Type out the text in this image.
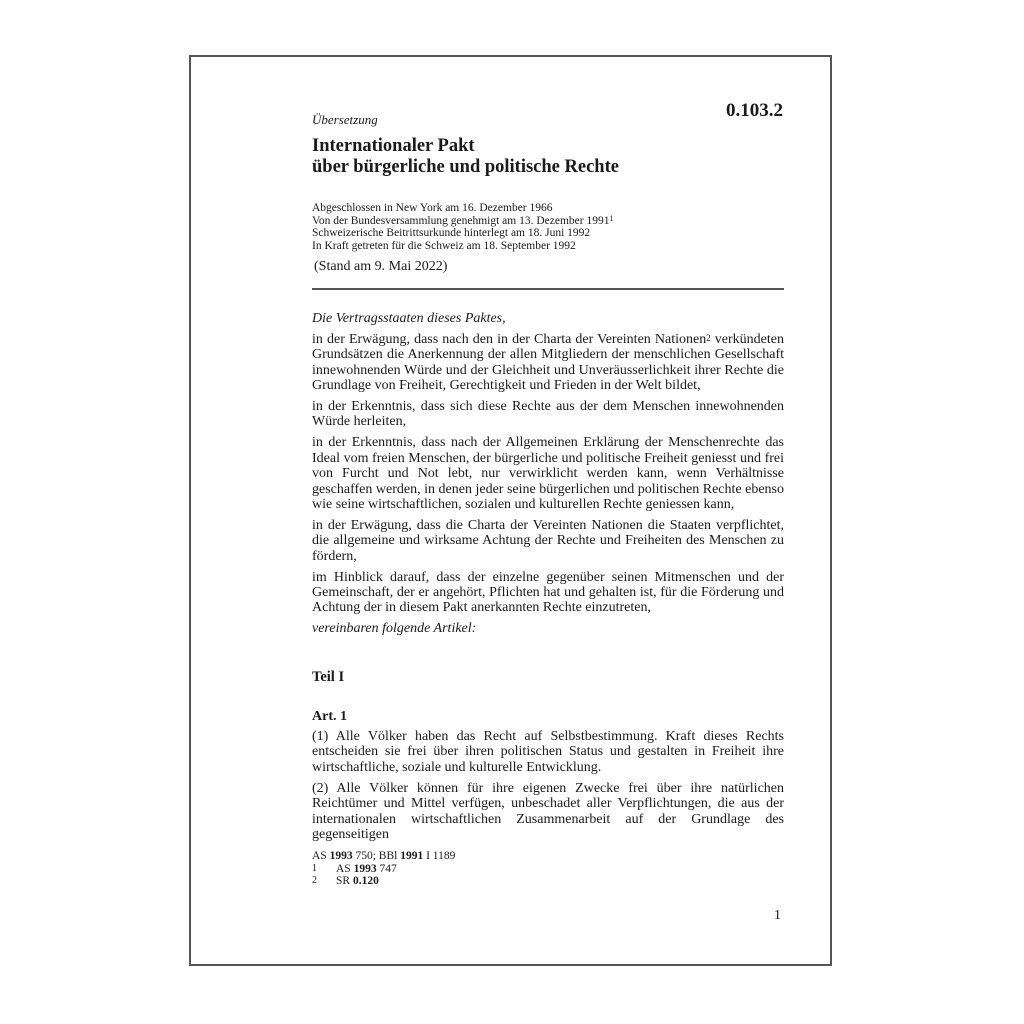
0.103.2
Übersetzung
Internationaler Pakt
über bürgerliche und politische Rechte
Abgeschlossen in New York am 16. Dezember 1966
Von der Bundesversammlung genehmigt am 13. Dezember 1991$^1$
Schweizerische Beitrittsurkunde hinterlegt am 18. Juni 1992
In Kraft getreten für die Schweiz am 18. September 1992
(Stand am 9. Mai 2022)

Die Vertragsstaaten dieses Paktes,

in der Erwägung, dass nach den in der Charta der Vereinten Nationen$^2$ verkündeten Grundsätzen die Anerkennung der allen Mitgliedern der menschlichen Gesellschaft innewohnenden Würde und der Gleichheit und Unveräusserlichkeit ihrer Rechte die Grundlage von Freiheit, Gerechtigkeit und Frieden in der Welt bildet,

in der Erkenntnis, dass sich diese Rechte aus der dem Menschen innewohnenden Würde herleiten,

in der Erkenntnis, dass nach der Allgemeinen Erklärung der Menschenrechte das Ideal vom freien Menschen, der bürgerliche und politische Freiheit geniesst und frei von Furcht und Not lebt, nur verwirklicht werden kann, wenn Verhältnisse geschaffen werden, in denen jeder seine bürgerlichen und politischen Rechte ebenso wie seine wirtschaftlichen, sozialen und kulturellen Rechte geniessen kann,

in der Erwägung, dass die Charta der Vereinten Nationen die Staaten verpflichtet, die allgemeine und wirksame Achtung der Rechte und Freiheiten des Menschen zu fördern,

im Hinblick darauf, dass der einzelne gegenüber seinen Mitmenschen und der Gemeinschaft, der er angehört, Pflichten hat und gehalten ist, für die Förderung und Achtung der in diesem Pakt anerkannten Rechte einzutreten,

vereinbaren folgende Artikel:

Teil I
Art. 1

(1) Alle Völker haben das Recht auf Selbstbestimmung. Kraft dieses Rechts entscheiden sie frei über ihren politischen Status und gestalten in Freiheit ihre wirtschaftliche, soziale und kulturelle Entwicklung.

(2) Alle Völker können für ihre eigenen Zwecke frei über ihre natürlichen Reichtümer und Mittel verfügen, unbeschadet aller Verpflichtungen, die aus der internationalen wirtschaftlichen Zusammenarbeit auf der Grundlage des gegenseitigen

AS 1993 750; BBl 1991 I 1189
1	AS 1993 747
2	SR 0.120
1
